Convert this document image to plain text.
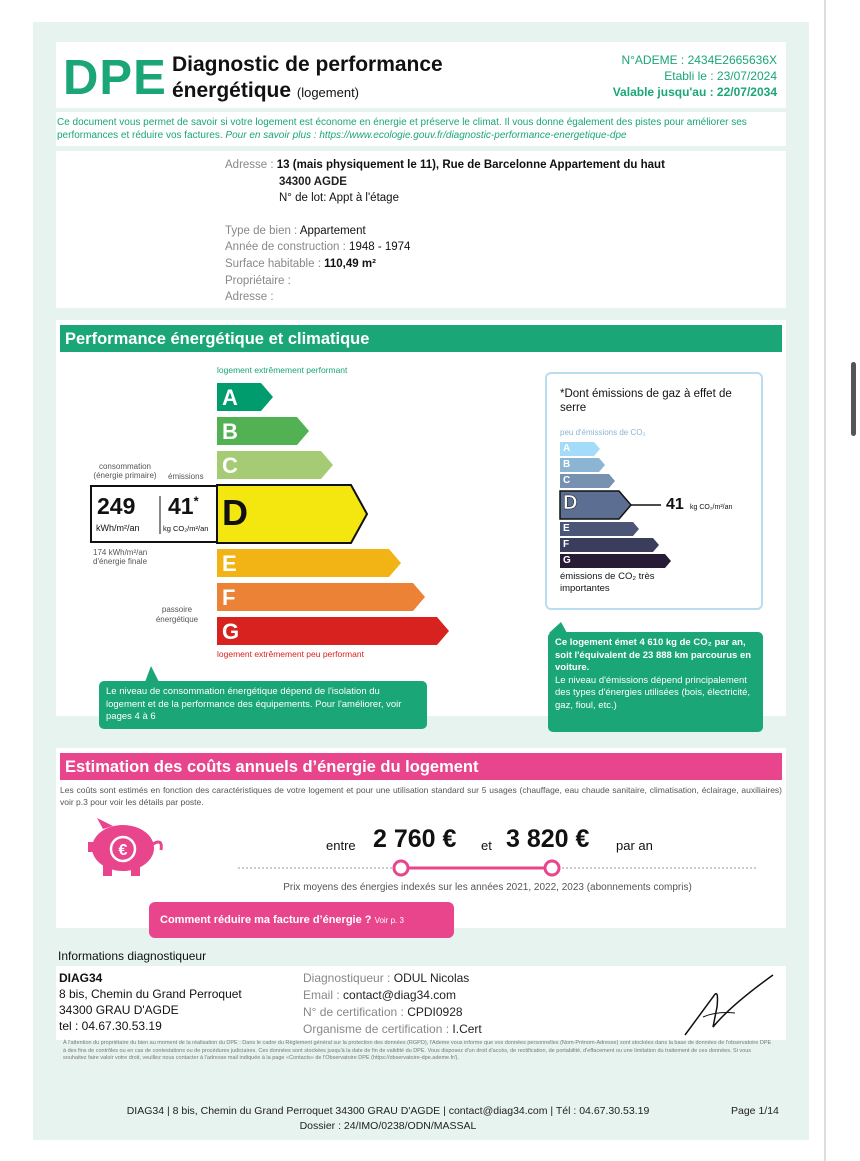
DPE Diagnostic de performance
énergétique (logement)
N°ADEME : 2434E2665636X
Etabli le : 23/07/2024
Valable jusqu'au : 22/07/2034
Ce document vous permet de savoir si votre logement est économe en énergie et préserve le climat. Il vous donne également des pistes pour améliorer ses performances et réduire vos factures. Pour en savoir plus : https://www.ecologie.gouv.fr/diagnostic-performance-energetique-dpe
Adresse : 13 (mais physiquement le 11), Rue de Barcelonne Appartement du haut
34300 AGDE
N° de lot: Appt à l'étage
Type de bien : Appartement
Année de construction : 1948 - 1974
Surface habitable : 110,49 m²
Propriétaire :
Adresse :
Performance énergétique et climatique
logement extrêmement performant
logement extrêmement peu performant
A
B
C
D
E
F
G
consommation (énergie primaire)	émissions
249
kWh/m²/an
41*
kg CO₂/m²/an
174 kWh/m²/an d'énergie finale
passoire énergétique
Le niveau de consommation énergétique dépend de l'isolation du logement et de la performance des équipements. Pour l'améliorer, voir pages 4 à 6
*Dont émissions de gaz à effet de serre
peu d'émissions de CO₂
A
B
C
D
E
F
G
41 kg CO₂/m²/an
émissions de CO₂ très importantes
Ce logement émet 4 610 kg de CO₂ par an, soit l'équivalent de 23 888 km parcourus en voiture.
Le niveau d'émissions dépend principalement des types d'énergies utilisées (bois, électricité, gaz, fioul, etc.)
Estimation des coûts annuels d’énergie du logement
Les coûts sont estimés en fonction des caractéristiques de votre logement et pour une utilisation standard sur 5 usages (chauffage, eau chaude sanitaire, climatisation, éclairage, auxiliaires) voir p.3 pour voir les détails par poste.
€	entre 2 760 € et 3 820 € par an
Prix moyens des énergies indexés sur les années 2021, 2022, 2023 (abonnements compris)
Comment réduire ma facture d’énergie ? Voir p. 3
Informations diagnostiqueur
DIAG34
8 bis, Chemin du Grand Perroquet
34300 GRAU D'AGDE
tel : 04.67.30.53.19
Diagnostiqueur : ODUL Nicolas
Email : contact@diag34.com
N° de certification : CPDI0928
Organisme de certification : I.Cert
À l'attention du propriétaire du bien au moment de la réalisation du DPE : Dans le cadre du Règlement général sur la protection des données (RGPD), l'Ademe vous informe que vos données personnelles (Nom-Prénom-Adresse) sont stockées dans la base de données de l'observatoire DPE à des fins de contrôles ou en cas de contestations ou de procédures judiciaires. Ces données sont stockées jusqu'à la date de fin de validité du DPE. Vous disposez d'un droit d'accès, de rectification, de portabilité, d'effacement ou une limitation du traitement de ces données. Si vous souhaitez faire valoir votre droit, veuillez nous contacter à l'adresse mail indiquée à la page «Contacts» de l'Observatoire DPE (https://observatoire-dpe.ademe.fr/).
DIAG34 | 8 bis, Chemin du Grand Perroquet 34300 GRAU D'AGDE | contact@diag34.com | Tél : 04.67.30.53.19
Dossier : 24/IMO/0238/ODN/MASSAL
Page 1/14
